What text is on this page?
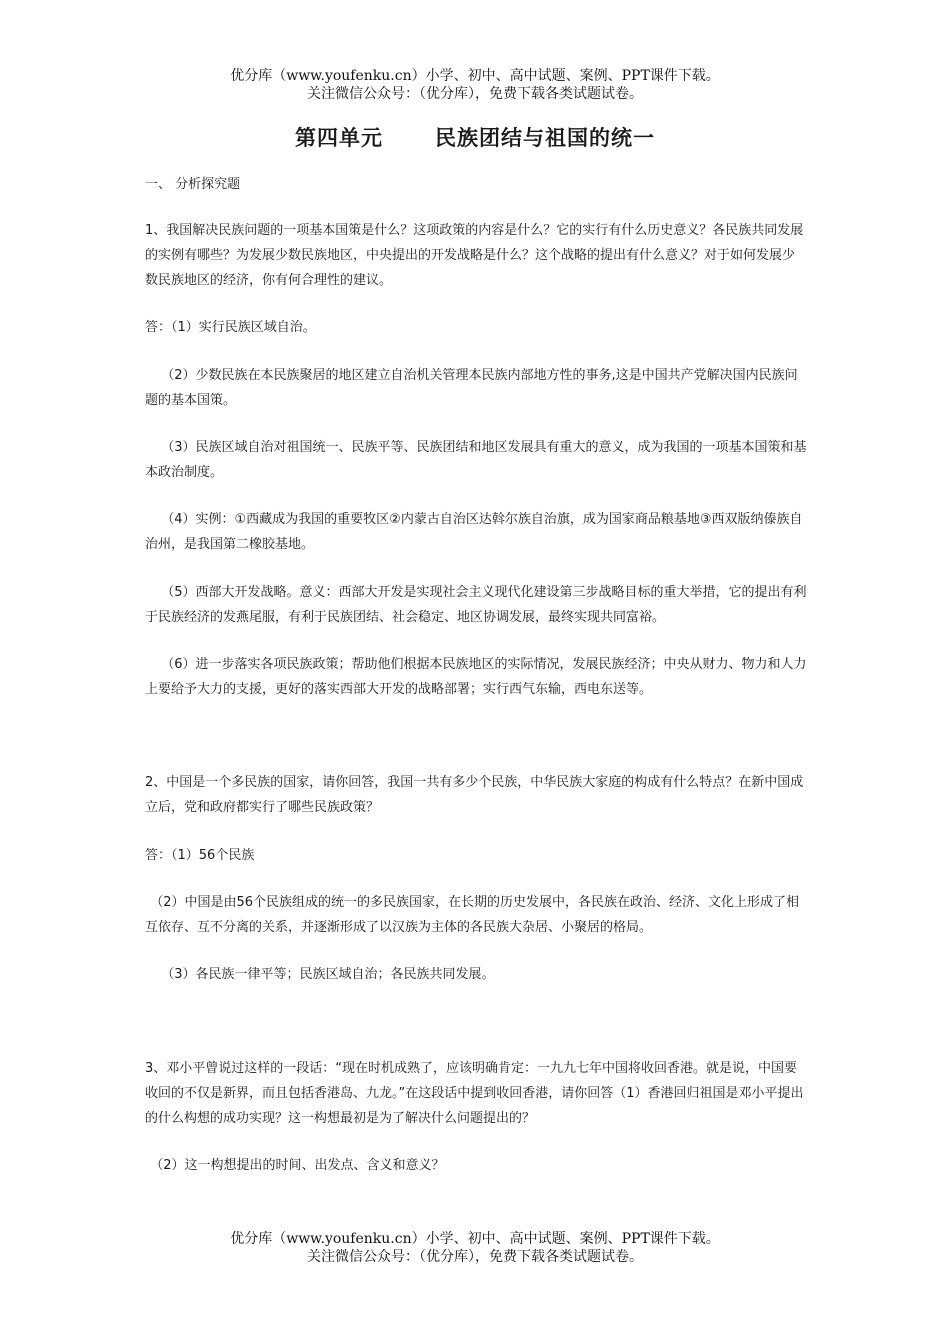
优分库（www.youfenku.cn）小学、初中、高中试题、案例、PPT课件下载。
关注微信公众号：（优分库），免费下载各类试题试卷。
第四单元 民族团结与祖国的统一

一、 分析探究题

1、我国解决民族问题的一项基本国策是什么？这项政策的内容是什么？它的实行有什么历史意义？各民族共同发展的实例有哪些？为发展少数民族地区，中央提出的开发战略是什么？这个战略的提出有什么意义？对于如何发展少数民族地区的经济，你有何合理性的建议。

答：（1）实行民族区域自治。

（2）少数民族在本民族聚居的地区建立自治机关管理本民族内部地方性的事务,这是中国共产党解决国内民族问题的基本国策。

（3）民族区域自治对祖国统一、民族平等、民族团结和地区发展具有重大的意义，成为我国的一项基本国策和基本政治制度。

（4）实例：①西藏成为我国的重要牧区②内蒙古自治区达斡尔族自治旗，成为国家商品粮基地③西双版纳傣族自治州，是我国第二橡胶基地。

（5）西部大开发战略。意义：西部大开发是实现社会主义现代化建设第三步战略目标的重大举措，它的提出有利于民族经济的发燕尾服，有利于民族团结、社会稳定、地区协调发展，最终实现共同富裕。

（6）进一步落实各项民族政策；帮助他们根据本民族地区的实际情况，发展民族经济；中央从财力、物力和人力上要给予大力的支援，更好的落实西部大开发的战略部署；实行西气东输，西电东送等。

2、中国是一个多民族的国家，请你回答，我国一共有多少个民族，中华民族大家庭的构成有什么特点？在新中国成立后，党和政府都实行了哪些民族政策？

答：（1）56个民族

（2）中国是由56个民族组成的统一的多民族国家，在长期的历史发展中，各民族在政治、经济、文化上形成了相互依存、互不分离的关系，并逐渐形成了以汉族为主体的各民族大杂居、小聚居的格局。

（3）各民族一律平等；民族区域自治；各民族共同发展。

3、邓小平曾说过这样的一段话：“现在时机成熟了，应该明确肯定：一九九七年中国将收回香港。就是说，中国要收回的不仅是新界，而且包括香港岛、九龙。”在这段话中提到收回香港，请你回答（1）香港回归祖国是邓小平提出的什么构想的成功实现？这一构想最初是为了解决什么问题提出的？

（2）这一构想提出的时间、出发点、含义和意义？

优分库（www.youfenku.cn）小学、初中、高中试题、案例、PPT课件下载。
关注微信公众号：（优分库），免费下载各类试题试卷。
